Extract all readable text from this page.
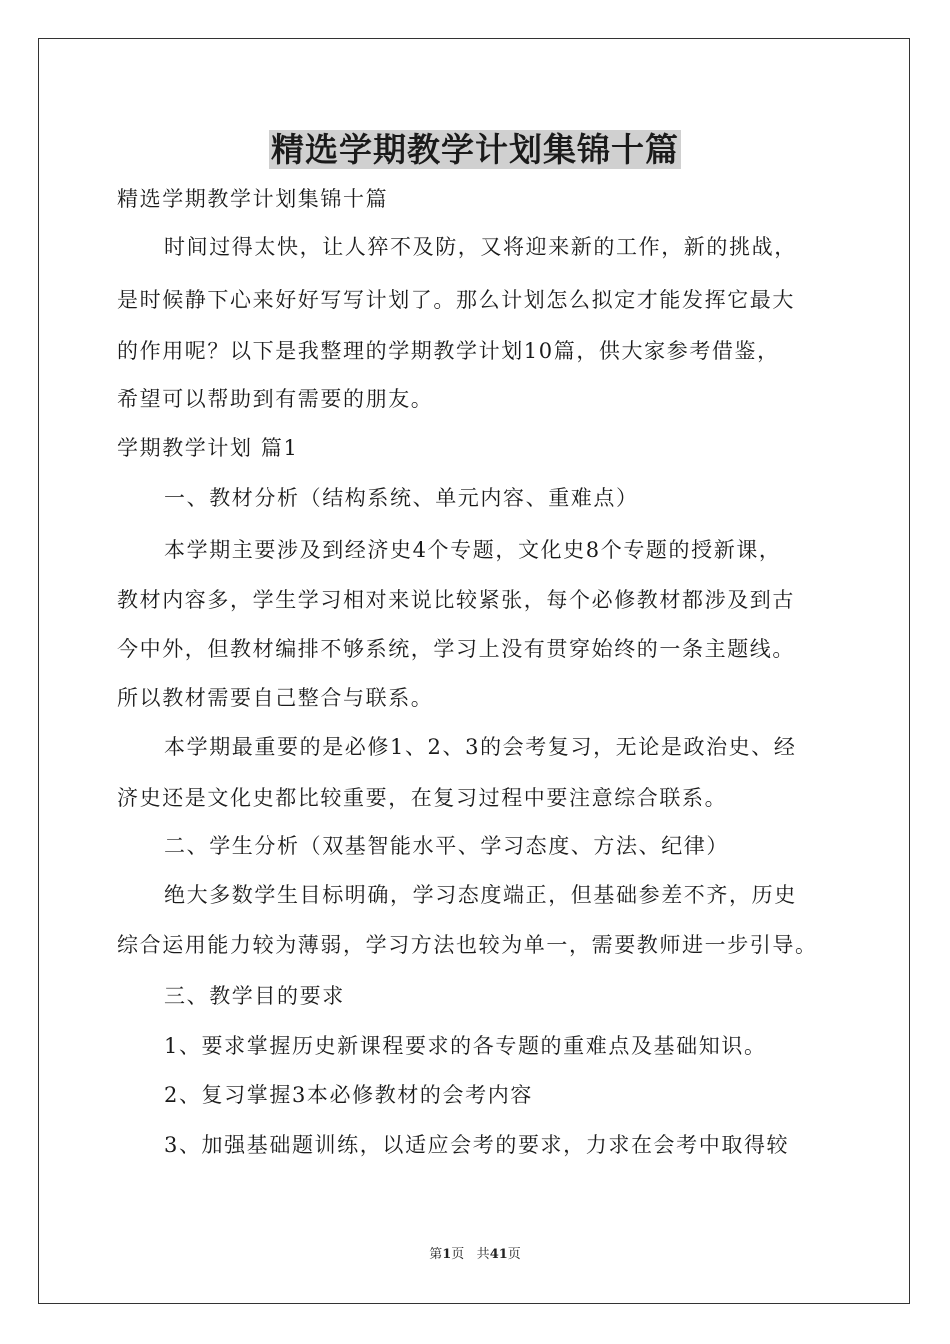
精选学期教学计划集锦十篇
精选学期教学计划集锦十篇
时间过得太快，让人猝不及防，又将迎来新的工作，新的挑战，
是时候静下心来好好写写计划了。那么计划怎么拟定才能发挥它最大
的作用呢？以下是我整理的学期教学计划10篇，供大家参考借鉴，
希望可以帮助到有需要的朋友。
学期教学计划 篇1
一、教材分析（结构系统、单元内容、重难点）
本学期主要涉及到经济史4个专题，文化史8个专题的授新课，
教材内容多，学生学习相对来说比较紧张，每个必修教材都涉及到古
今中外，但教材编排不够系统，学习上没有贯穿始终的一条主题线。
所以教材需要自己整合与联系。
本学期最重要的是必修1、2、3的会考复习，无论是政治史、经
济史还是文化史都比较重要，在复习过程中要注意综合联系。
二、学生分析（双基智能水平、学习态度、方法、纪律）
绝大多数学生目标明确，学习态度端正，但基础参差不齐，历史
综合运用能力较为薄弱，学习方法也较为单一，需要教师进一步引导。
三、教学目的要求
1、要求掌握历史新课程要求的各专题的重难点及基础知识。
2、复习掌握3本必修教材的会考内容
3、加强基础题训练，以适应会考的要求，力求在会考中取得较
第1页 共41页
